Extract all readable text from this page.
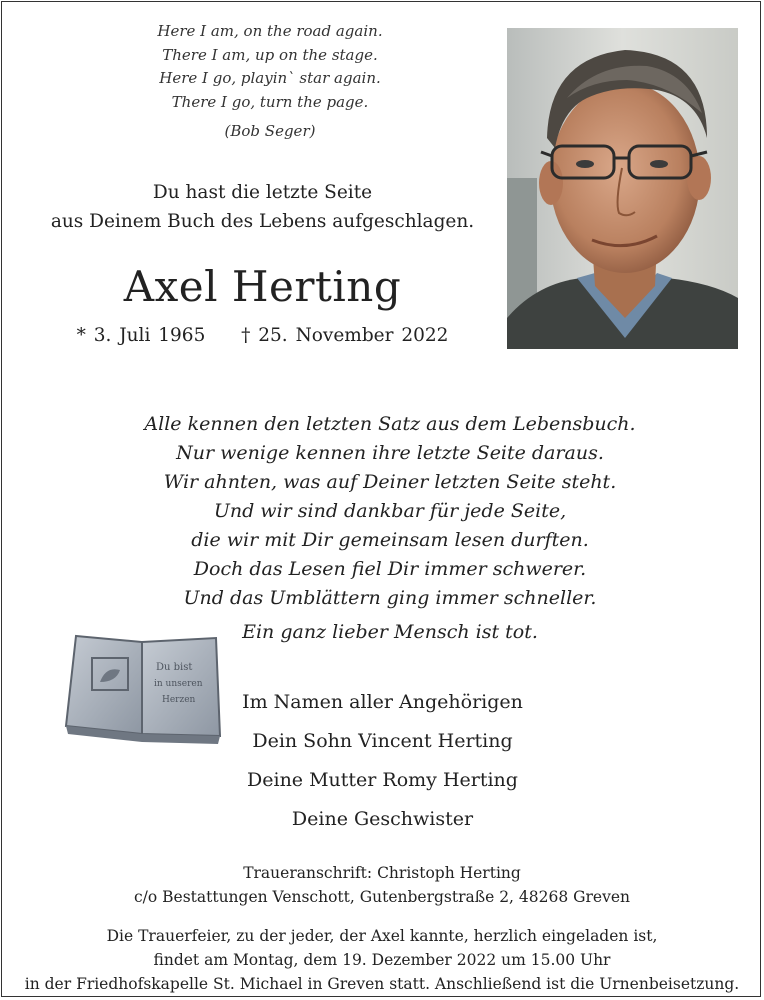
Here I am, on the road again.
There I am, up on the stage.
Here I go, playin` star again.
There I go, turn the page.
(Bob Seger)
Du hast die letzte Seite
aus Deinem Buch des Lebens aufgeschlagen.
Axel Herting
* 3. Juli 1965 † 25. November 2022
Alle kennen den letzten Satz aus dem Lebensbuch.
Nur wenige kennen ihre letzte Seite daraus.
Wir ahnten, was auf Deiner letzten Seite steht.
Und wir sind dankbar für jede Seite,
die wir mit Dir gemeinsam lesen durften.
Doch das Lesen fiel Dir immer schwerer.
Und das Umblättern ging immer schneller.
Ein ganz lieber Mensch ist tot.
Du bist
in unseren
Herzen	Im Namen aller Angehörigen
Dein Sohn Vincent Herting
Deine Mutter Romy Herting
Deine Geschwister
Traueranschrift: Christoph Herting
c/o Bestattungen Venschott, Gutenbergstraße 2, 48268 Greven
Die Trauerfeier, zu der jeder, der Axel kannte, herzlich eingeladen ist,
findet am Montag, dem 19. Dezember 2022 um 15.00 Uhr
in der Friedhofskapelle St. Michael in Greven statt. Anschließend ist die Urnenbeisetzung.
